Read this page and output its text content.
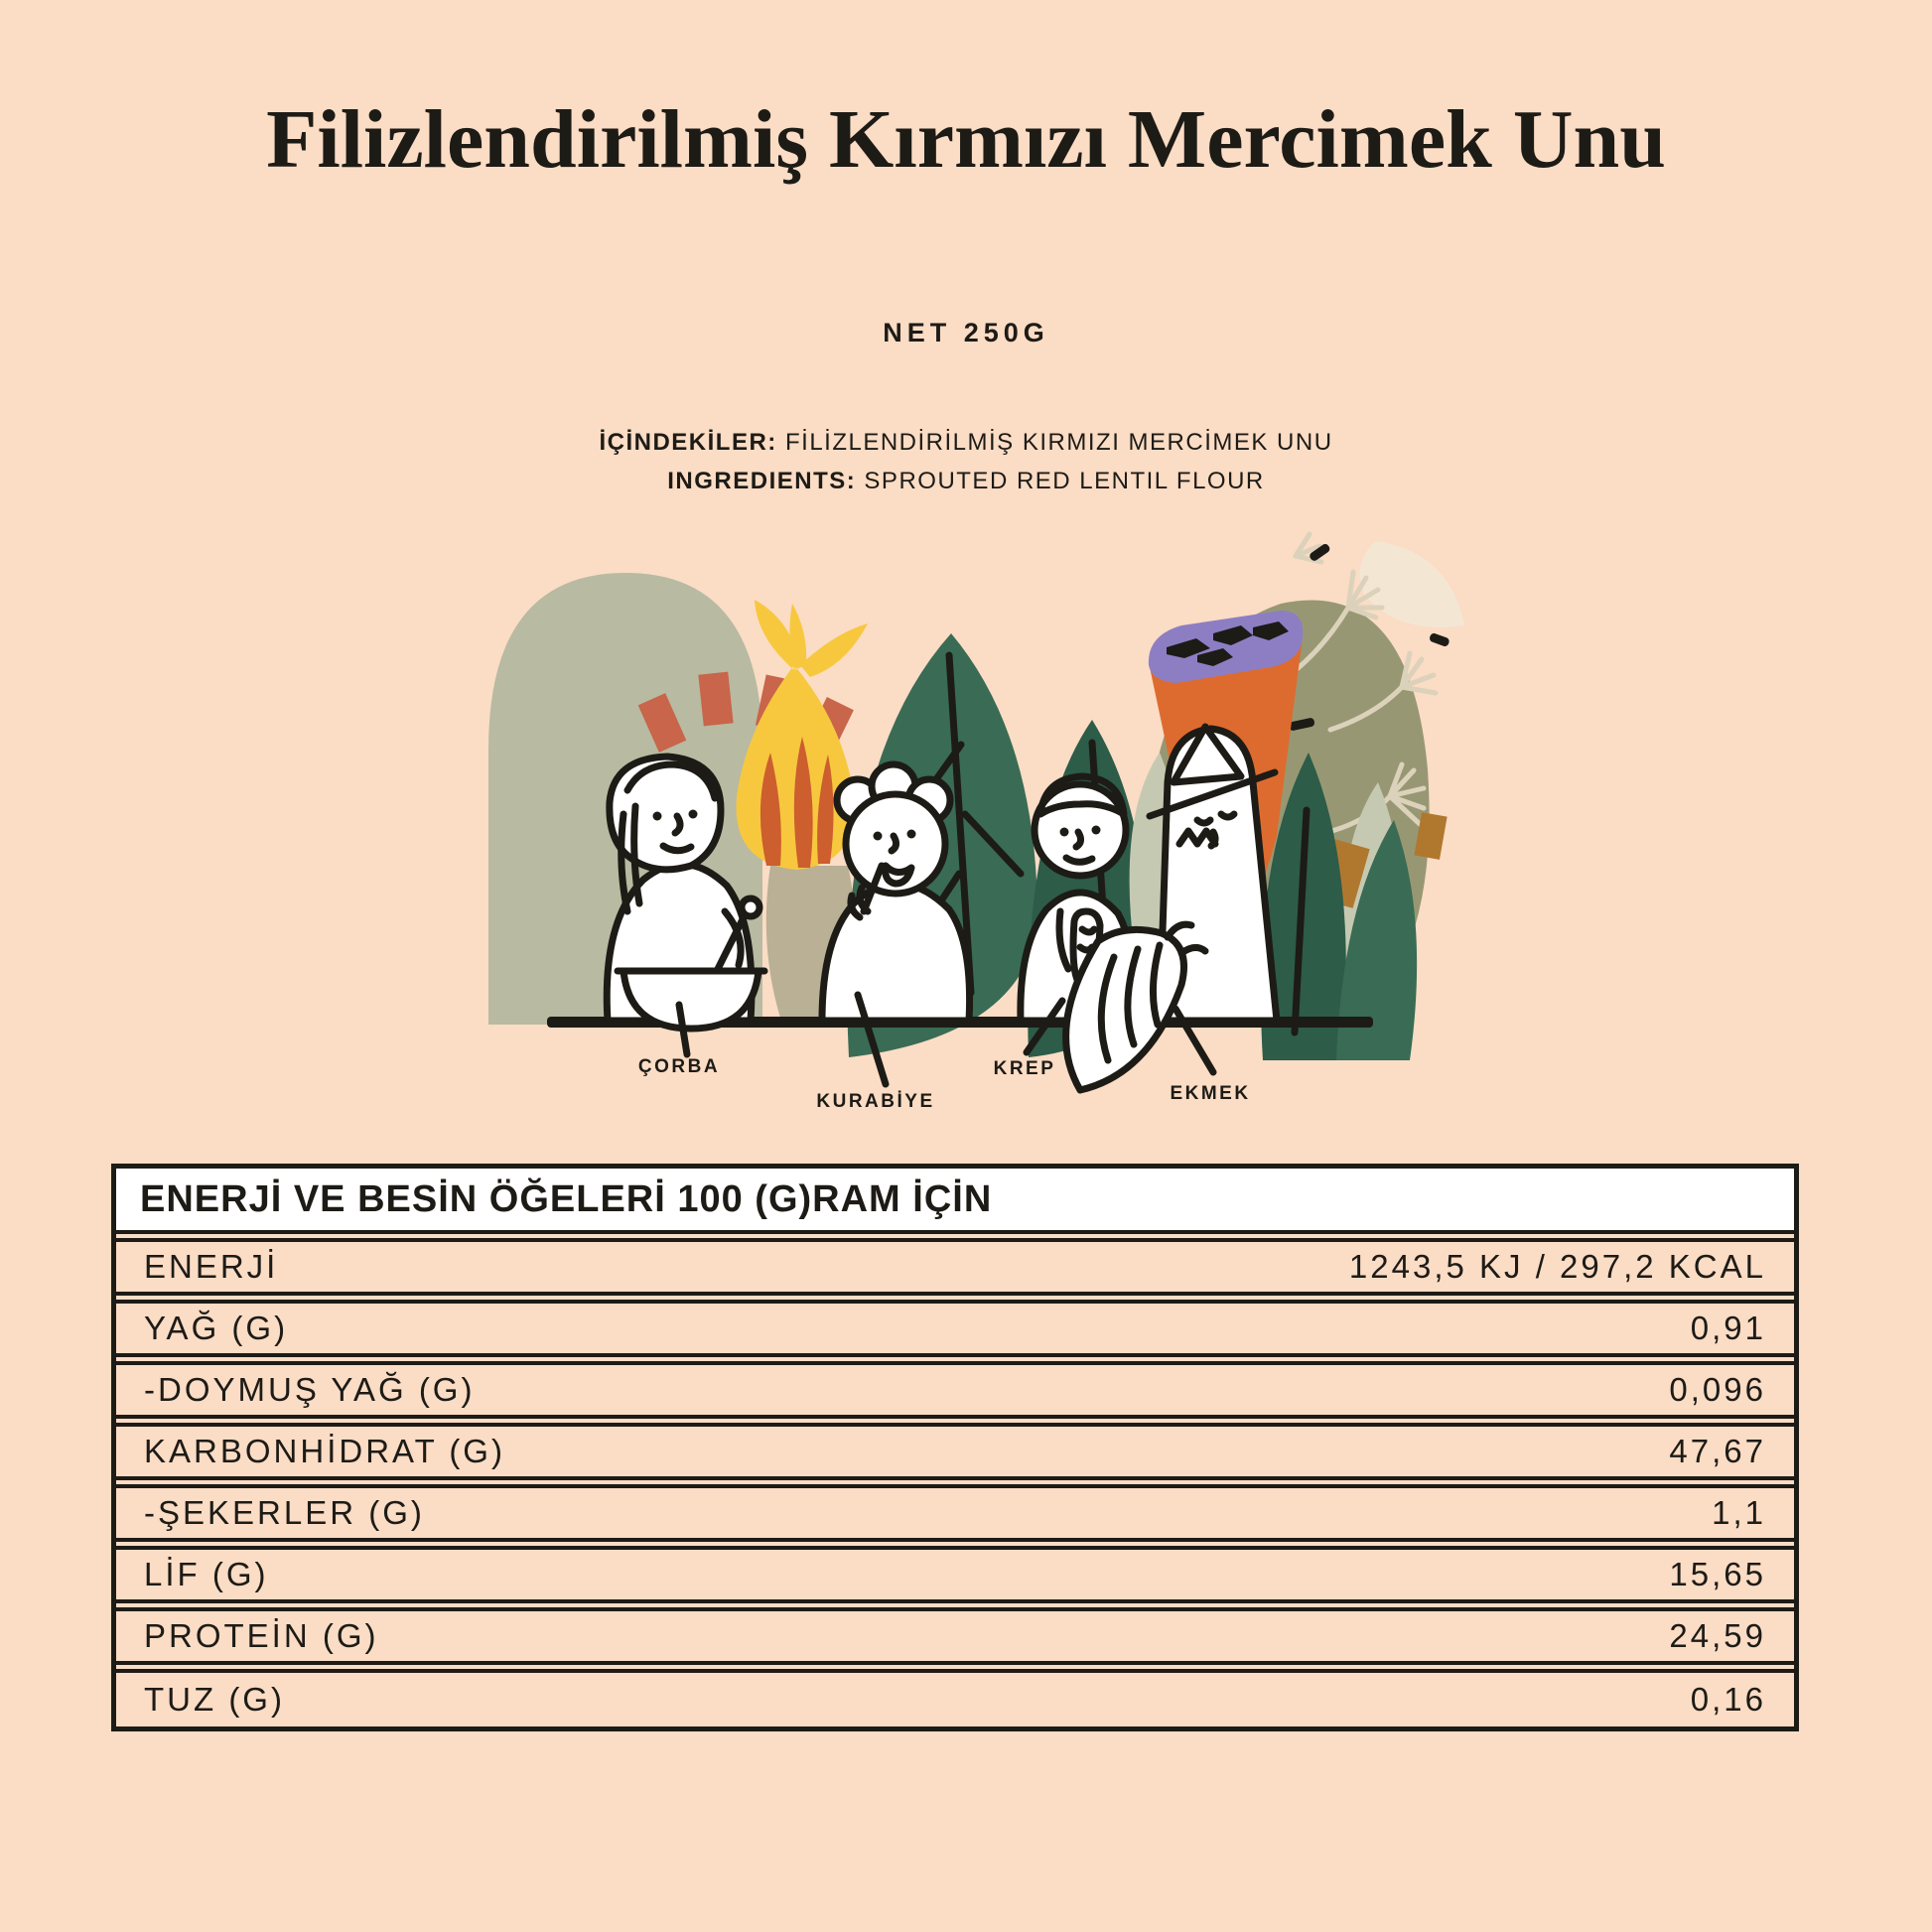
Filizlendirilmiş Kırmızı Mercimek Unu
NET 250G
İÇİNDEKİLER: FİLİZLENDİRİLMİŞ KIRMIZI MERCİMEK UNU
INGREDIENTS: SPROUTED RED LENTIL FLOUR
ÇORBA
KURABİYE
KREP
EKMEK
ENERJİ VE BESİN ÖĞELERİ 100 (G)RAM İÇİN
ENERJİ	1243,5 KJ / 297,2 KCAL
YAĞ (G)	0,91
-DOYMUŞ YAĞ (G)	0,096
KARBONHİDRAT (G)	47,67
-ŞEKERLER (G)	1,1
LİF (G)	15,65
PROTEİN (G)	24,59
TUZ (G)	0,16
